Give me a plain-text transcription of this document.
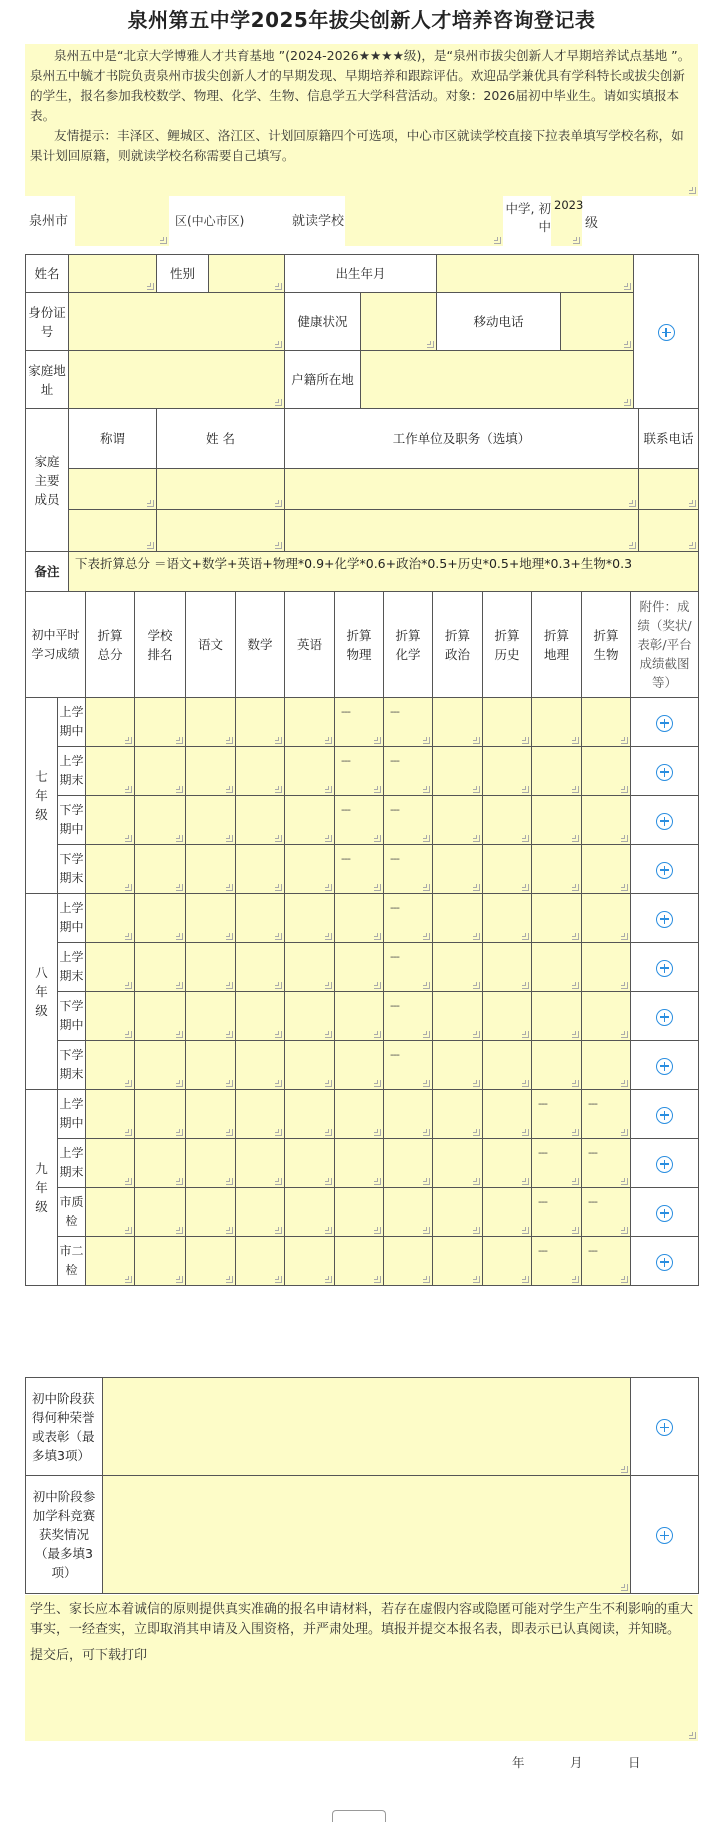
泉州第五中学2025年拔尖创新人才培养咨询登记表

泉州五中是“北京大学博雅人才共育基地 ”(2024-2026★★★★级)，是“泉州市拔尖创新人才早期培养试点基地 ”。泉州五中毓才书院负责泉州市拔尖创新人才的早期发现、早期培养和跟踪评估。欢迎品学兼优具有学科特长或拔尖创新的学生，报名参加我校数学、物理、化学、生物、信息学五大学科营活动。对象：2026届初中毕业生。请如实填报本表。

友情提示：丰泽区、鲤城区、洛江区、计划回原籍四个可选项，中心市区就读学校直接下拉表单填写学校名称，如果计划回原籍，则就读学校名称需要自己填写。

泉州市	区(中心市区)	就读学校
中学, 初中
2023
级
姓名		性别		出生年月			

身份证号				健康状况		移动电话		

家庭地址				户籍所在地				
家庭主要成员	称谓	姓 名	工作单位及职务（选填）	联系电话

备注	下表折算总分 ＝语文+数学+英语+物理*0.9+化学*0.6+政治*0.5+历史*0.5+地理*0.3+生物*0.3
初中平时学习成绩		折算总分	学校排名	语文	数学	英语	折算物理	折算化学	折算政治	折算历史	折算地理	折算生物	附件：成绩（奖状/表彰/平台成绩截图等）
七年级	上学期中						---	---					

	上学期末						---	---					

	下学期中						---	---					

	下学期末						---	---					

八年级	上学期中							---					

	上学期末							---					

	下学期中							---					

	下学期末							---					

九年级	上学期中										---	---	

	上学期末										---	---	

	市质检										---	---	

	市二检										---	---	

初中阶段获得何种荣誉或表彰（最多填3项）	

初中阶段参加学科竞赛获奖情况（最多填3项）	

学生、家长应本着诚信的原则提供真实准确的报名申请材料，若存在虚假内容或隐匿可能对学生产生不利影响的重大事实，一经查实，立即取消其申请及入围资格，并严肃处理。填报并提交本报名表，即表示已认真阅读，并知晓。

提交后，可下载打印

年	月	日
